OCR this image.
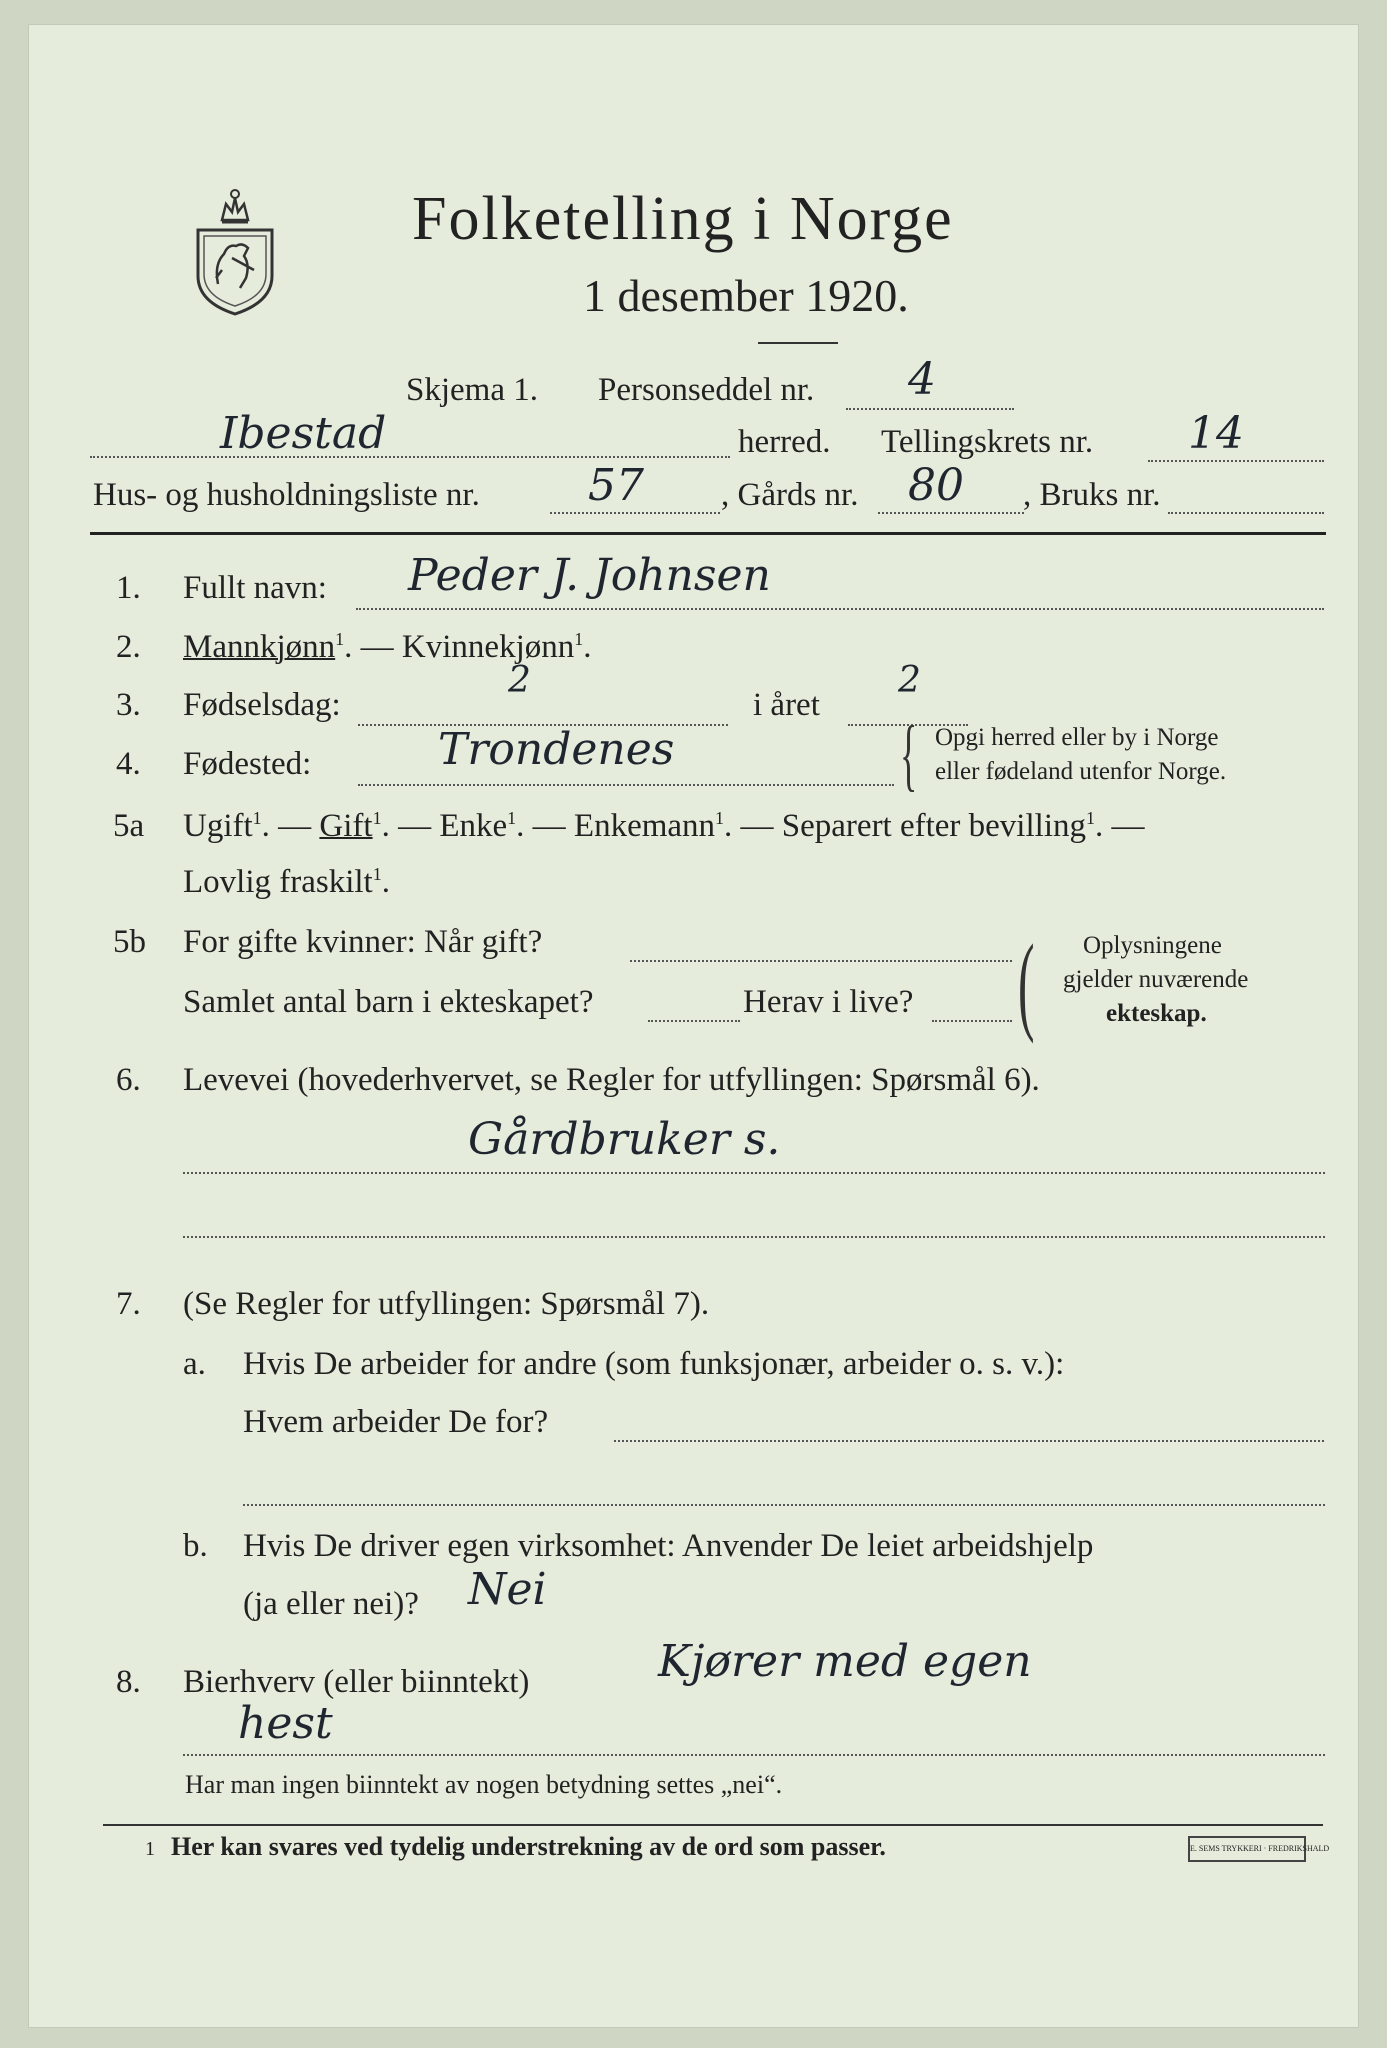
Folketelling i Norge
1 desember 1920.
Skjema 1. Personseddel nr. 4
Ibestad	herred. Tellingskrets nr. 14
Hus- og husholdningsliste nr. 57 , Gårds nr. 80 , Bruks nr.
1. Fullt navn: Peder J. Johnsen
2. Mannkjønn$^1$. — Kvinnekjønn$^1$.
3. Fødselsdag:
2
i året
2
4. Fødested:	Trondenes	{ Opgi herred eller by i Norge
eller fødeland utenfor Norge.
5a Ugift$^1$. — Gift$^1$. — Enke$^1$. — Enkemann$^1$. — Separert efter bevilling$^1$. —
Lovlig fraskilt$^1$.
5b For gifte kvinner: Når gift?
Samlet antal barn i ekteskapet?	Herav i live? ( Oplysningene
gjelder nuværende
ekteskap.
6. Levevei (hovederhvervet, se Regler for utfyllingen: Spørsmål 6).
Gårdbruker s.
7. (Se Regler for utfyllingen: Spørsmål 7).
a. Hvis De arbeider for andre (som funksjonær, arbeider o. s. v.):
Hvem arbeider De for?
b. Hvis De driver egen virksomhet: Anvender De leiet arbeidshjelp
(ja eller nei)? Nei
8. Bierhverv (eller biinntekt)	Kjører med egen
hest
Har man ingen biinntekt av nogen betydning settes „nei“.
1 Her kan svares ved tydelig understrekning av de ord som passer.	E. SEMS TRYKKERI · FREDRIKSHALD
